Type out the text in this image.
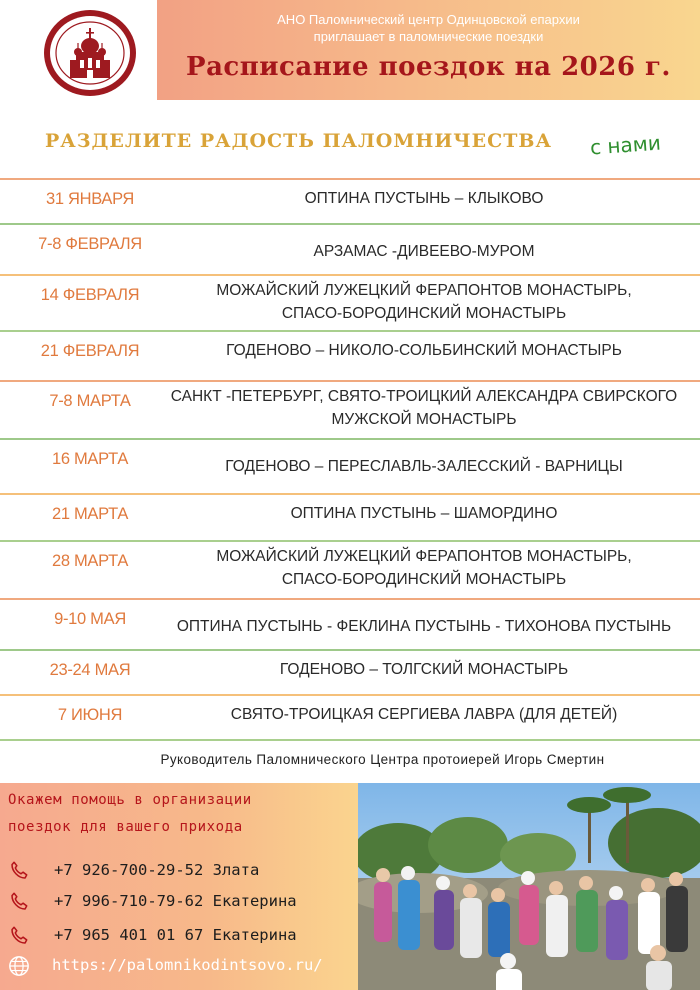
АНО Паломнический центр Одинцовской епархии
приглашает в паломнические поездки
Расписание поездок на 2026 г.
РАЗДЕЛИТЕ РАДОСТЬ ПАЛОМНИЧЕСТВА с нами
31 ЯНВАРЯ	ОПТИНА ПУСТЫНЬ – КЛЫКОВО
7-8 ФЕВРАЛЯ	АРЗАМАС -ДИВЕЕВО-МУРОМ
14 ФЕВРАЛЯ	МОЖАЙСКИЙ ЛУЖЕЦКИЙ ФЕРАПОНТОВ МОНАСТЫРЬ,
СПАСО-БОРОДИНСКИЙ МОНАСТЫРЬ
21 ФЕВРАЛЯ	ГОДЕНОВО – НИКОЛО-СОЛЬБИНСКИЙ МОНАСТЫРЬ
7-8 МАРТА	САНКТ -ПЕТЕРБУРГ, СВЯТО-ТРОИЦКИЙ АЛЕКСАНДРА СВИРСКОГО
МУЖСКОЙ МОНАСТЫРЬ
16 МАРТА	ГОДЕНОВО – ПЕРЕСЛАВЛЬ-ЗАЛЕССКИЙ - ВАРНИЦЫ
21 МАРТА	ОПТИНА ПУСТЫНЬ – ШАМОРДИНО
28 МАРТА	МОЖАЙСКИЙ ЛУЖЕЦКИЙ ФЕРАПОНТОВ МОНАСТЫРЬ,
СПАСО-БОРОДИНСКИЙ МОНАСТЫРЬ
9-10 МАЯ	ОПТИНА ПУСТЫНЬ - ФЕКЛИНА ПУСТЫНЬ - ТИХОНОВА ПУСТЫНЬ
23-24 МАЯ	ГОДЕНОВО – ТОЛГСКИЙ МОНАСТЫРЬ
7 ИЮНЯ	СВЯТО-ТРОИЦКАЯ СЕРГИЕВА ЛАВРА (ДЛЯ ДЕТЕЙ)
Руководитель Паломнического Центра протоиерей Игорь Смертин
Окажем помощь в организации
поездок для вашего прихода
+7 926-700-29-52 Злата
+7 996-710-79-62 Екатерина
+7 965 401 01 67 Екатерина
https://palomnikodintsovo.ru/
